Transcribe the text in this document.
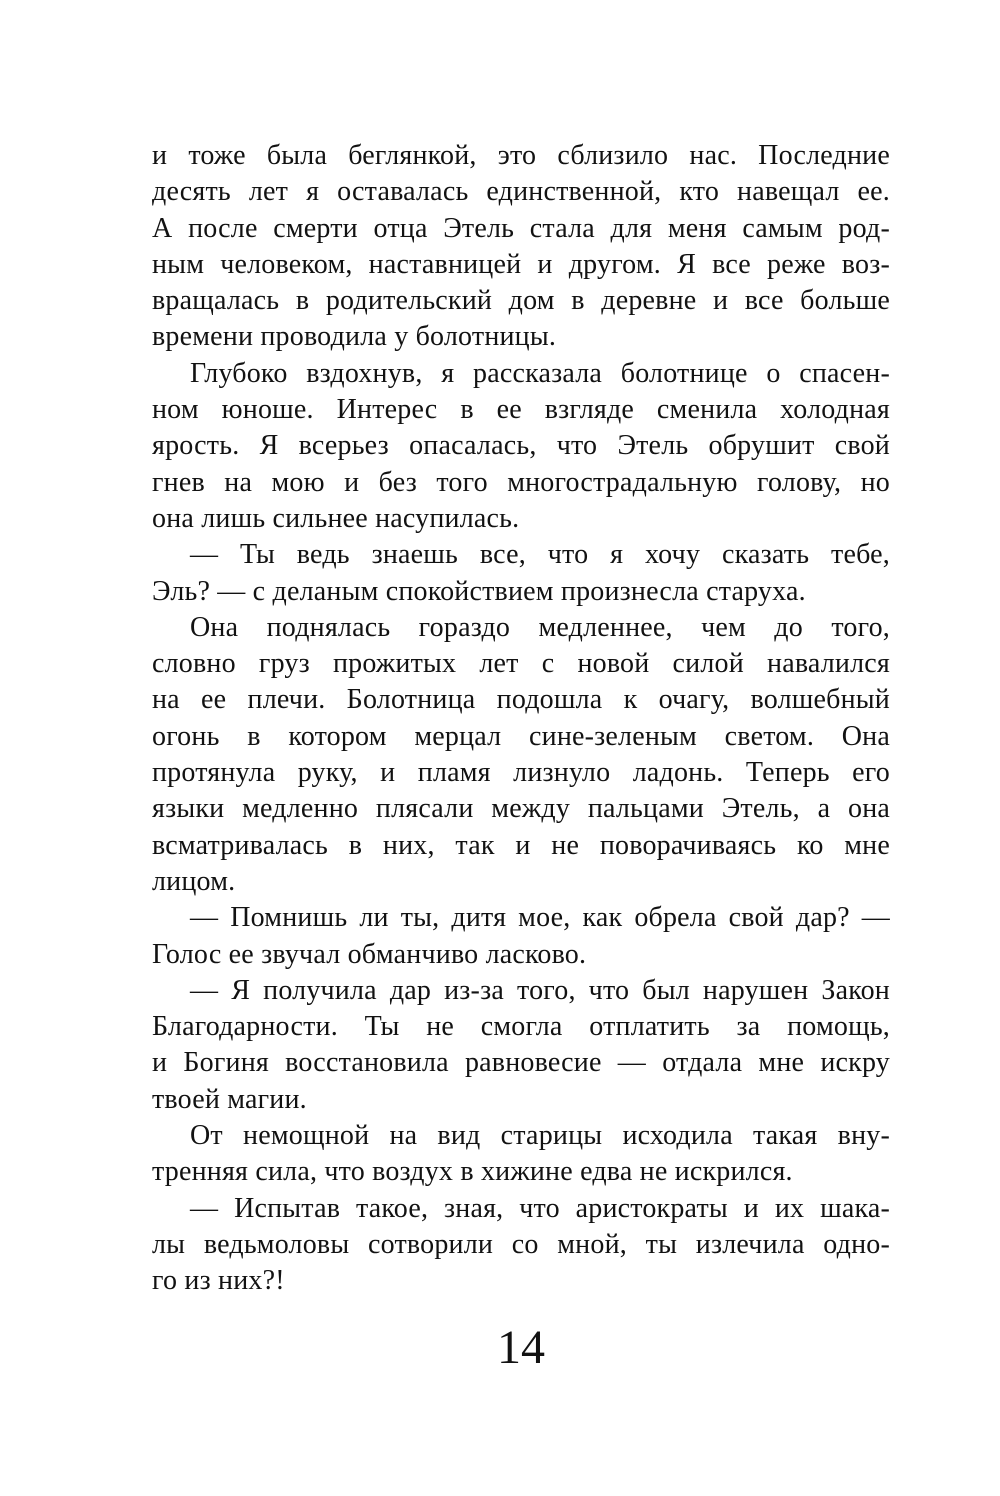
и тоже была беглянкой, это сблизило нас. Последние
десять лет я оставалась единственной, кто навещал ее.
А после смерти отца Этель стала для меня самым род-
ным человеком, наставницей и другом. Я все реже воз-
вращалась в родительский дом в деревне и все больше
времени проводила у болотницы.
Глубоко вздохнув, я рассказала болотнице о спасен-
ном юноше. Интерес в ее взгляде сменила холодная
ярость. Я всерьез опасалась, что Этель обрушит свой
гнев на мою и без того многострадальную голову, но
она лишь сильнее насупилась.
— Ты ведь знаешь все, что я хочу сказать тебе,
Эль? — с деланым спокойствием произнесла старуха.
Она поднялась гораздо медленнее, чем до того,
словно груз прожитых лет с новой силой навалился
на ее плечи. Болотница подошла к очагу, волшебный
огонь в котором мерцал сине-зеленым светом. Она
протянула руку, и пламя лизнуло ладонь. Теперь его
языки медленно плясали между пальцами Этель, а она
всматривалась в них, так и не поворачиваясь ко мне
лицом.
— Помнишь ли ты, дитя мое, как обрела свой дар? —
Голос ее звучал обманчиво ласково.
— Я получила дар из-за того, что был нарушен Закон
Благодарности. Ты не смогла отплатить за помощь,
и Богиня восстановила равновесие — отдала мне искру
твоей магии.
От немощной на вид старицы исходила такая вну-
тренняя сила, что воздух в хижине едва не искрился.
— Испытав такое, зная, что аристократы и их шака-
лы ведьмоловы сотворили со мной, ты излечила одно-
го из них?!
14
